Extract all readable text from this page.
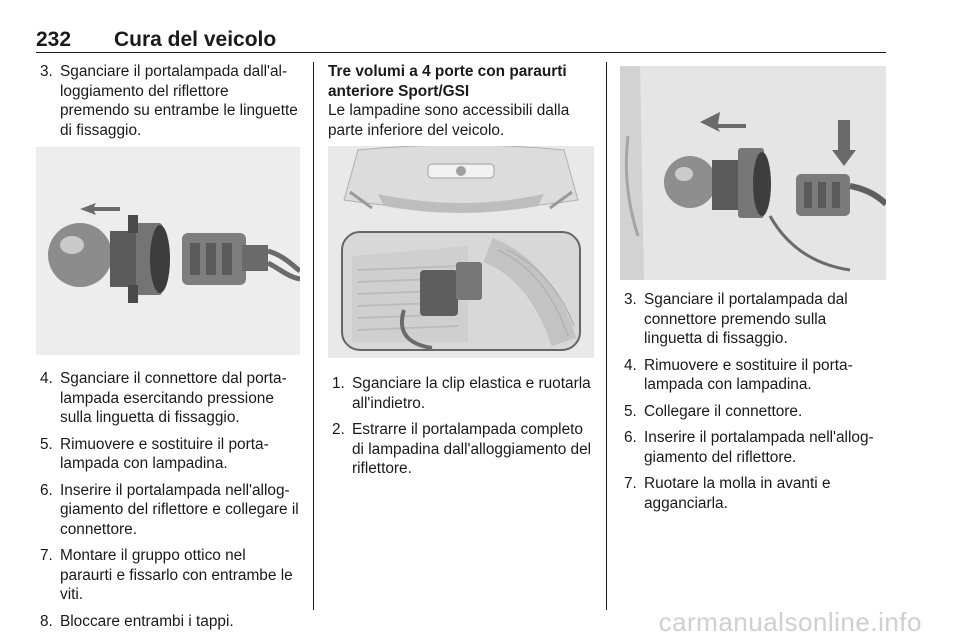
232 Cura del veicolo
3. Sganciare il portalampada dall'alloggiamento del riflettore premendo su entrambe le linguette di fissaggio.
4. Sganciare il connettore dal portalampada esercitando pressione sulla linguetta di fissaggio.
5. Rimuovere e sostituire il portalampada con lampadina.
6. Inserire il portalampada nell'alloggiamento del riflettore e collegare il connettore.
7. Montare il gruppo ottico nel paraurti e fissarlo con entrambe le viti.
8. Bloccare entrambi i tappi.
Tre volumi a 4 porte con paraurti anteriore Sport/GSI

Le lampadine sono accessibili dalla parte inferiore del veicolo.

1. Sganciare la clip elastica e ruotarla all'indietro.
2. Estrarre il portalampada completo di lampadina dall'alloggiamento del riflettore.
3. Sganciare il portalampada dal connettore premendo sulla linguetta di fissaggio.
4. Rimuovere e sostituire il portalampada con lampadina.
5. Collegare il connettore.
6. Inserire il portalampada nell'alloggiamento del riflettore.
7. Ruotare la molla in avanti e agganciarla.
carmanualsonline.info
